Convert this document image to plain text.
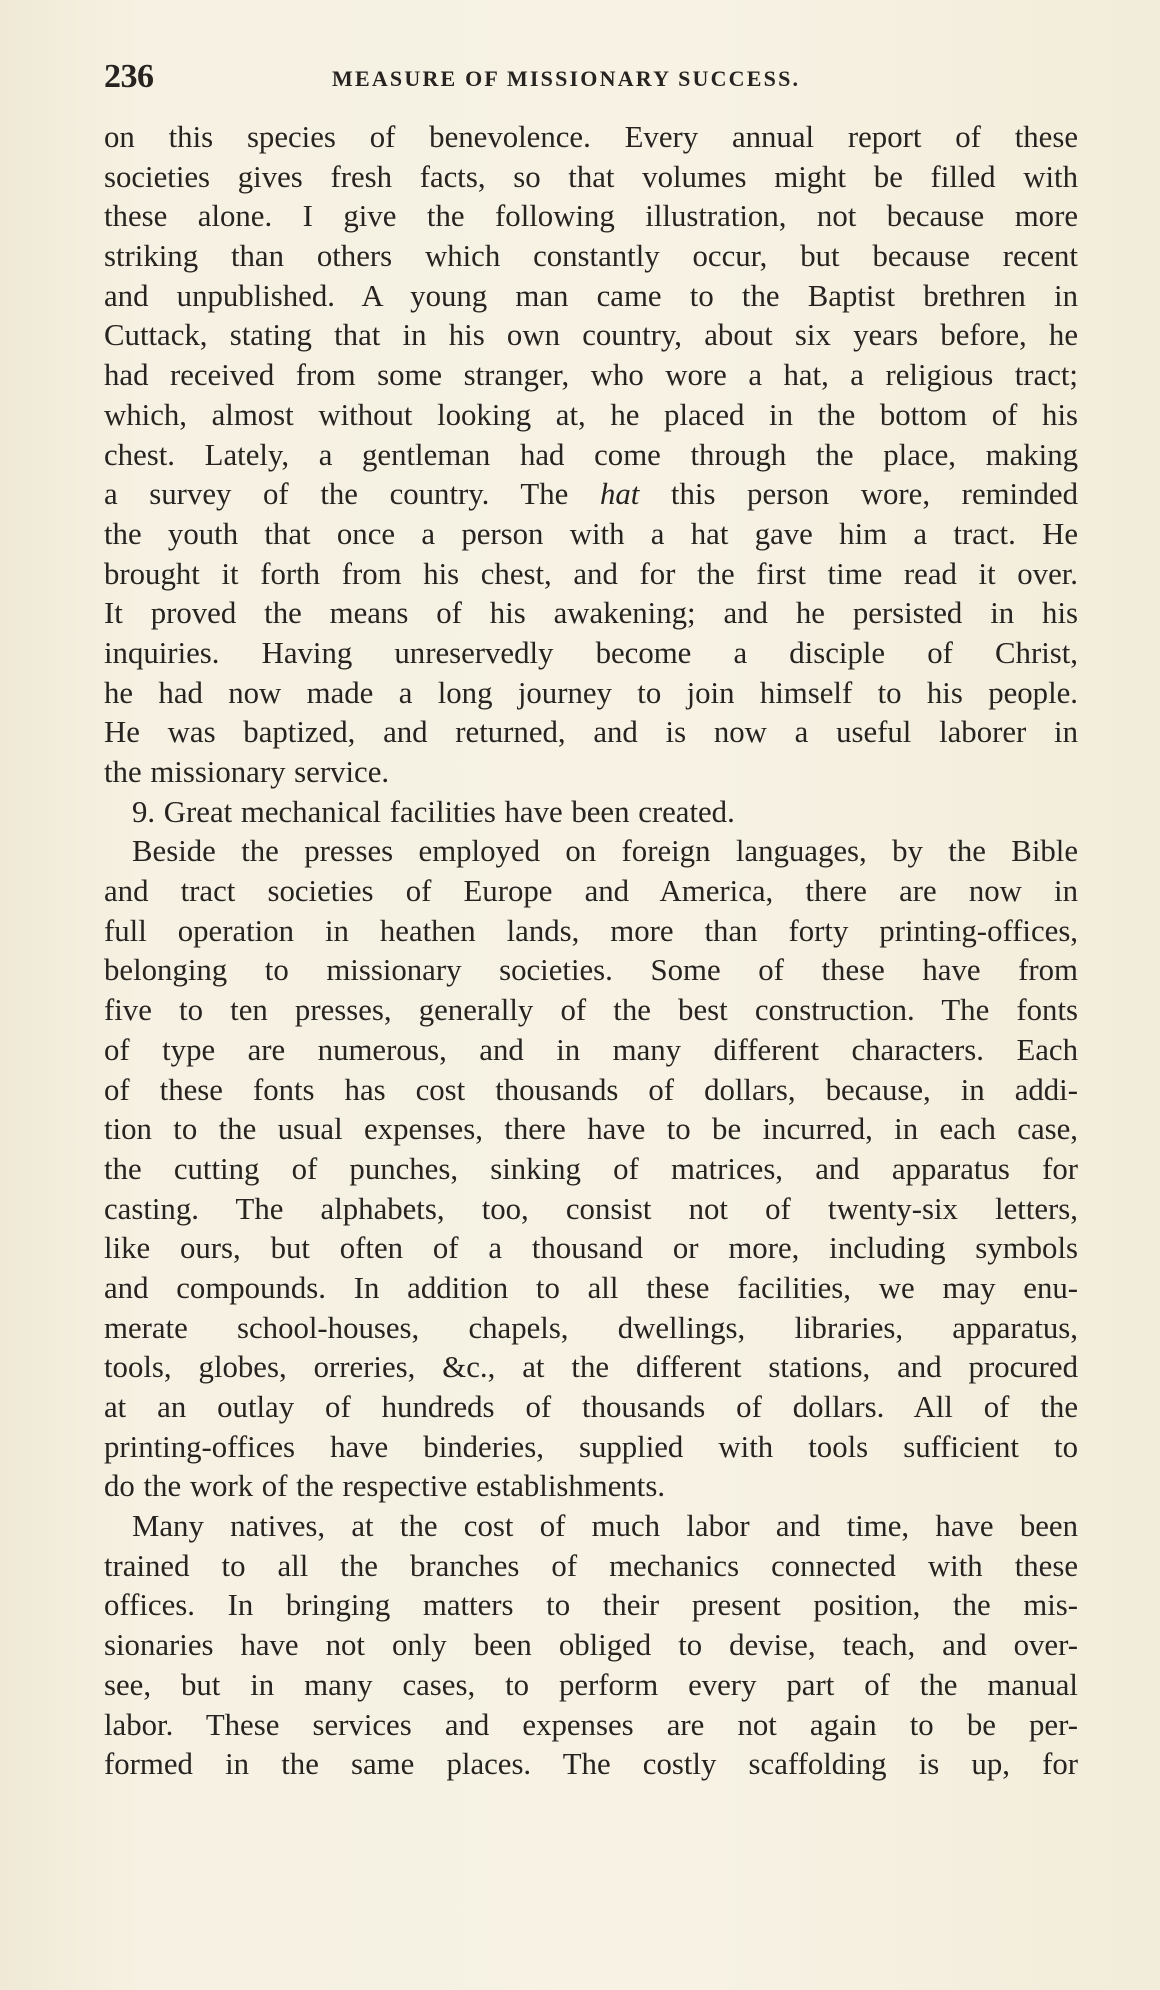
236	MEASURE OF MISSIONARY SUCCESS.
on this species of benevolence. Every annual report of these
societies gives fresh facts, so that volumes might be filled with
these alone. I give the following illustration, not because more
striking than others which constantly occur, but because recent
and unpublished. A young man came to the Baptist brethren in
Cuttack, stating that in his own country, about six years before, he
had received from some stranger, who wore a hat, a religious tract;
which, almost without looking at, he placed in the bottom of his
chest. Lately, a gentleman had come through the place, making
a survey of the country. The hat this person wore, reminded
the youth that once a person with a hat gave him a tract. He
brought it forth from his chest, and for the first time read it over.
It proved the means of his awakening; and he persisted in his
inquiries. Having unreservedly become a disciple of Christ,
he had now made a long journey to join himself to his people.
He was baptized, and returned, and is now a useful laborer in
the missionary service.
9. Great mechanical facilities have been created.
Beside the presses employed on foreign languages, by the Bible
and tract societies of Europe and America, there are now in
full operation in heathen lands, more than forty printing-offices,
belonging to missionary societies. Some of these have from
five to ten presses, generally of the best construction. The fonts
of type are numerous, and in many different characters. Each
of these fonts has cost thousands of dollars, because, in addi-
tion to the usual expenses, there have to be incurred, in each case,
the cutting of punches, sinking of matrices, and apparatus for
casting. The alphabets, too, consist not of twenty-six letters,
like ours, but often of a thousand or more, including symbols
and compounds. In addition to all these facilities, we may enu-
merate school-houses, chapels, dwellings, libraries, apparatus,
tools, globes, orreries, &c., at the different stations, and procured
at an outlay of hundreds of thousands of dollars. All of the
printing-offices have binderies, supplied with tools sufficient to
do the work of the respective establishments.
Many natives, at the cost of much labor and time, have been
trained to all the branches of mechanics connected with these
offices. In bringing matters to their present position, the mis-
sionaries have not only been obliged to devise, teach, and over-
see, but in many cases, to perform every part of the manual
labor. These services and expenses are not again to be per-
formed in the same places. The costly scaffolding is up, for
